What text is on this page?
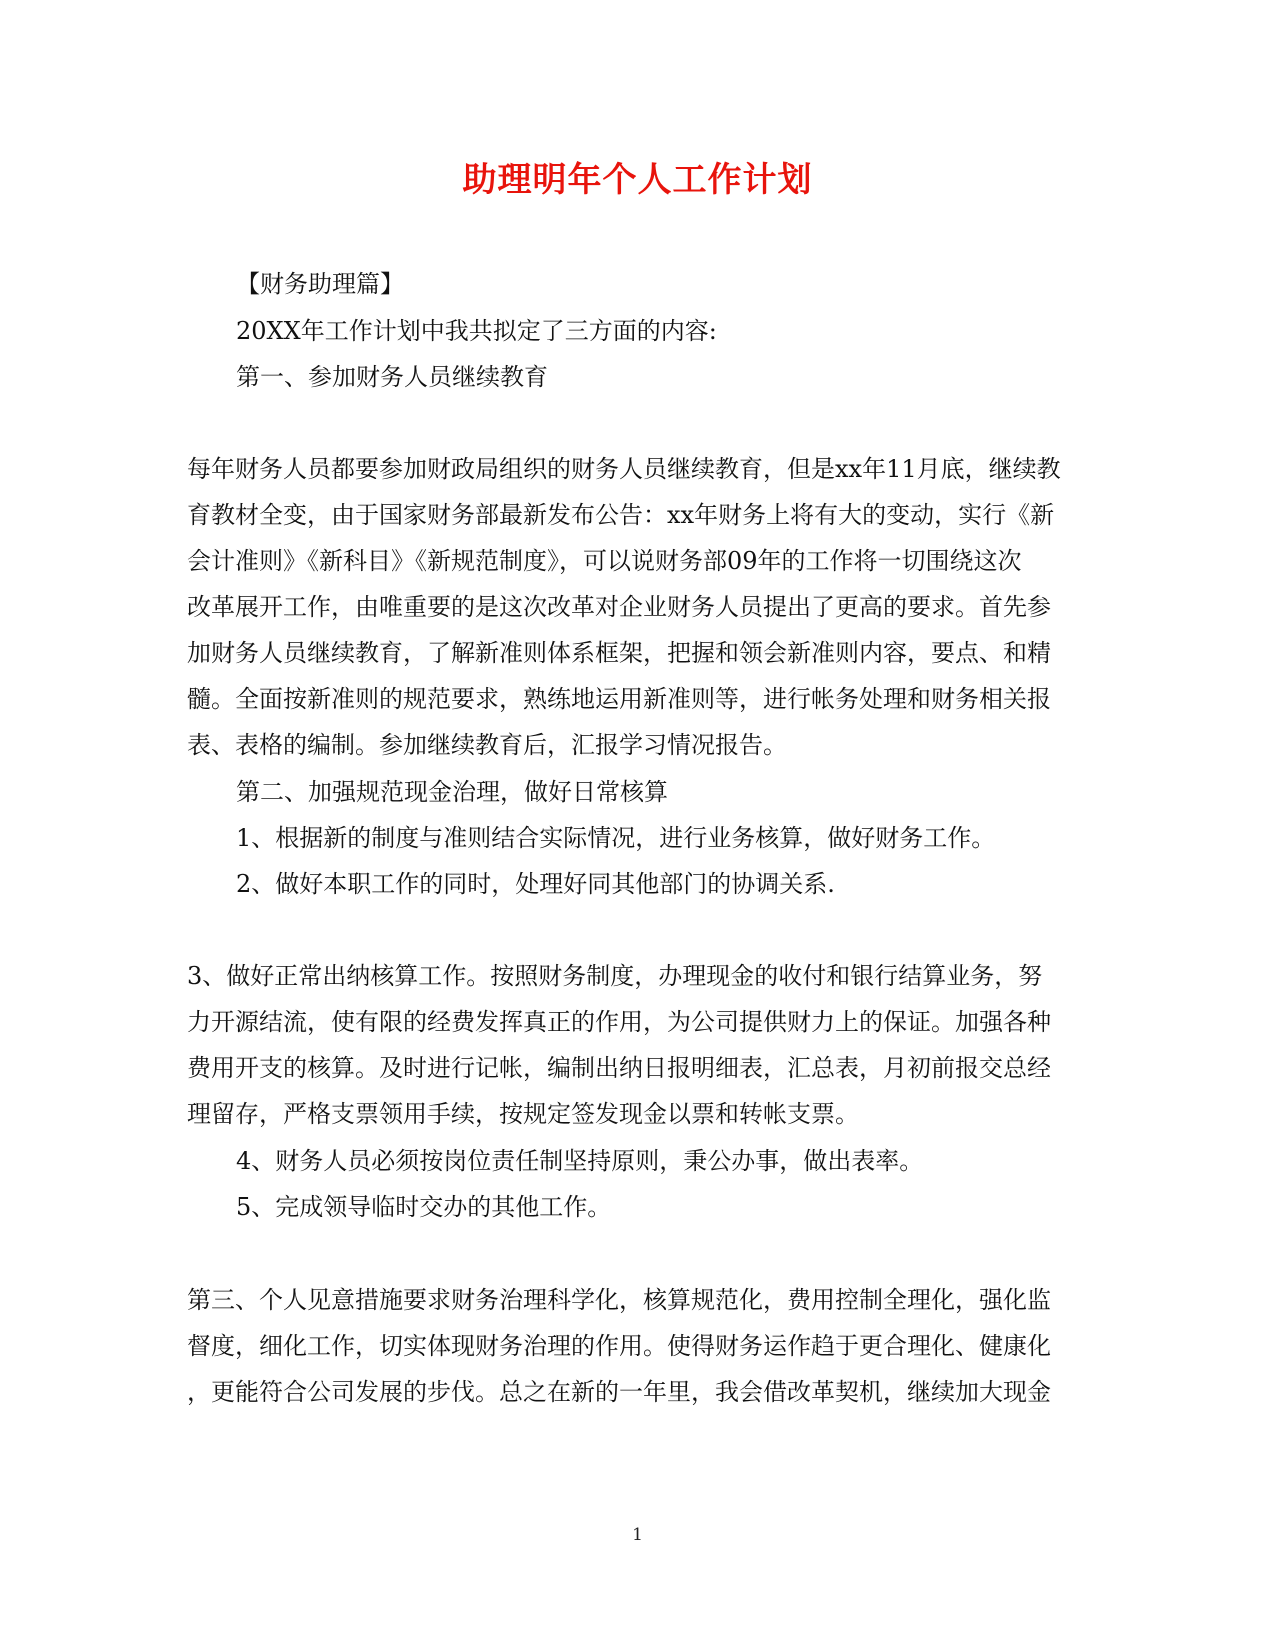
助理明年个人工作计划
【财务助理篇】
20XX年工作计划中我共拟定了三方面的内容:
第一、参加财务人员继续教育
每年财务人员都要参加财政局组织的财务人员继续教育，但是xx年11月底，继续教
育教材全变，由于国家财务部最新发布公告：xx年财务上将有大的变动，实行《新
会计准则》《新科目》《新规范制度》，可以说财务部09年的工作将一切围绕这次
改革展开工作，由唯重要的是这次改革对企业财务人员提出了更高的要求。首先参
加财务人员继续教育，了解新准则体系框架，把握和领会新准则内容，要点、和精
髓。全面按新准则的规范要求，熟练地运用新准则等，进行帐务处理和财务相关报
表、表格的编制。参加继续教育后，汇报学习情况报告。
第二、加强规范现金治理，做好日常核算
1、根据新的制度与准则结合实际情况，进行业务核算，做好财务工作。
2、做好本职工作的同时，处理好同其他部门的协调关系.
3、做好正常出纳核算工作。按照财务制度，办理现金的收付和银行结算业务，努
力开源结流，使有限的经费发挥真正的作用，为公司提供财力上的保证。加强各种
费用开支的核算。及时进行记帐，编制出纳日报明细表，汇总表，月初前报交总经
理留存，严格支票领用手续，按规定签发现金以票和转帐支票。
4、财务人员必须按岗位责任制坚持原则，秉公办事，做出表率。
5、完成领导临时交办的其他工作。
第三、个人见意措施要求财务治理科学化，核算规范化，费用控制全理化，强化监
督度，细化工作，切实体现财务治理的作用。使得财务运作趋于更合理化、健康化
，更能符合公司发展的步伐。总之在新的一年里，我会借改革契机，继续加大现金
1
